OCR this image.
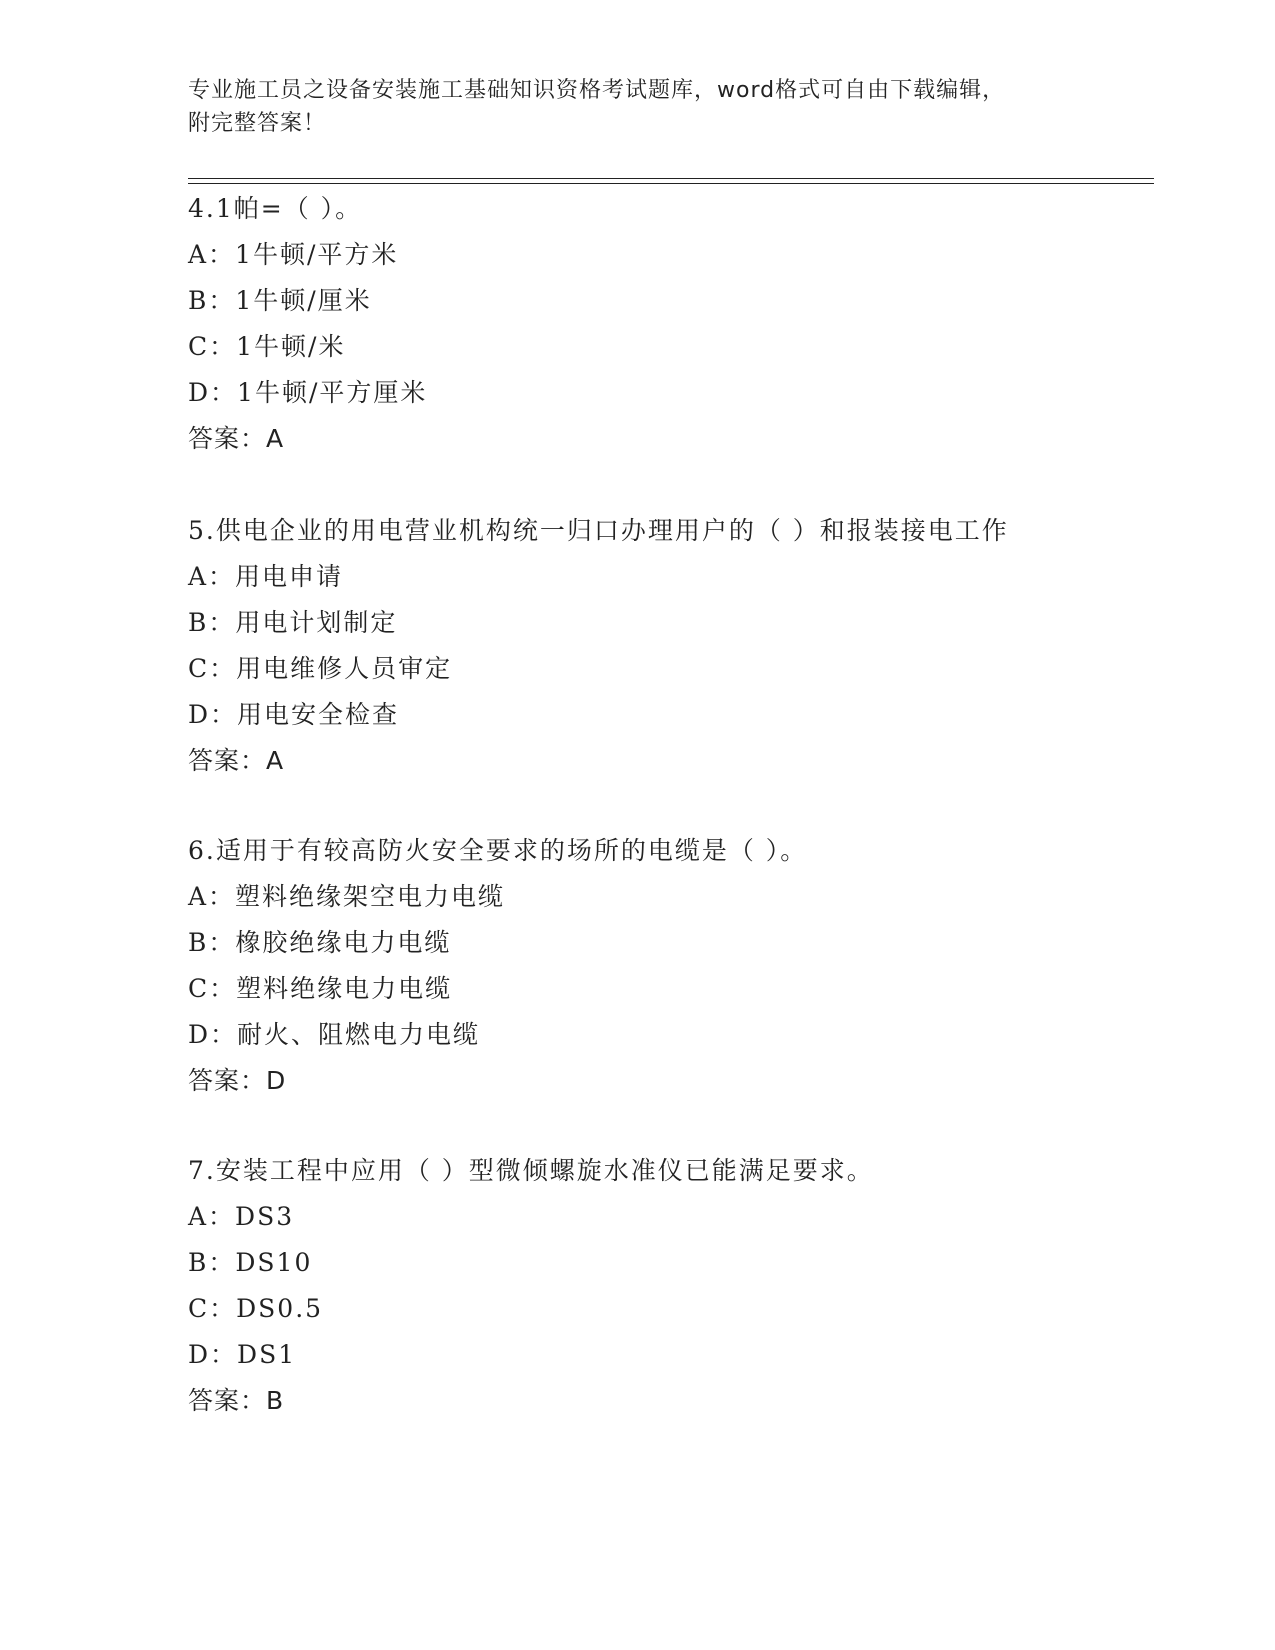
专业施工员之设备安装施工基础知识资格考试题库，word格式可自由下载编辑，
附完整答案！
4.1帕=（ ）。
A：1牛顿/平方米
B：1牛顿/厘米
C：1牛顿/米
D：1牛顿/平方厘米
答案：A
5.供电企业的用电营业机构统一归口办理用户的（ ）和报装接电工作
A：用电申请
B：用电计划制定
C：用电维修人员审定
D：用电安全检查
答案：A
6.适用于有较高防火安全要求的场所的电缆是（ ）。
A：塑料绝缘架空电力电缆
B：橡胶绝缘电力电缆
C：塑料绝缘电力电缆
D：耐火、阻燃电力电缆
答案：D
7.安装工程中应用（ ）型微倾螺旋水准仪已能满足要求。
A：DS3
B：DS10
C：DS0.5
D：DS1
答案：B
